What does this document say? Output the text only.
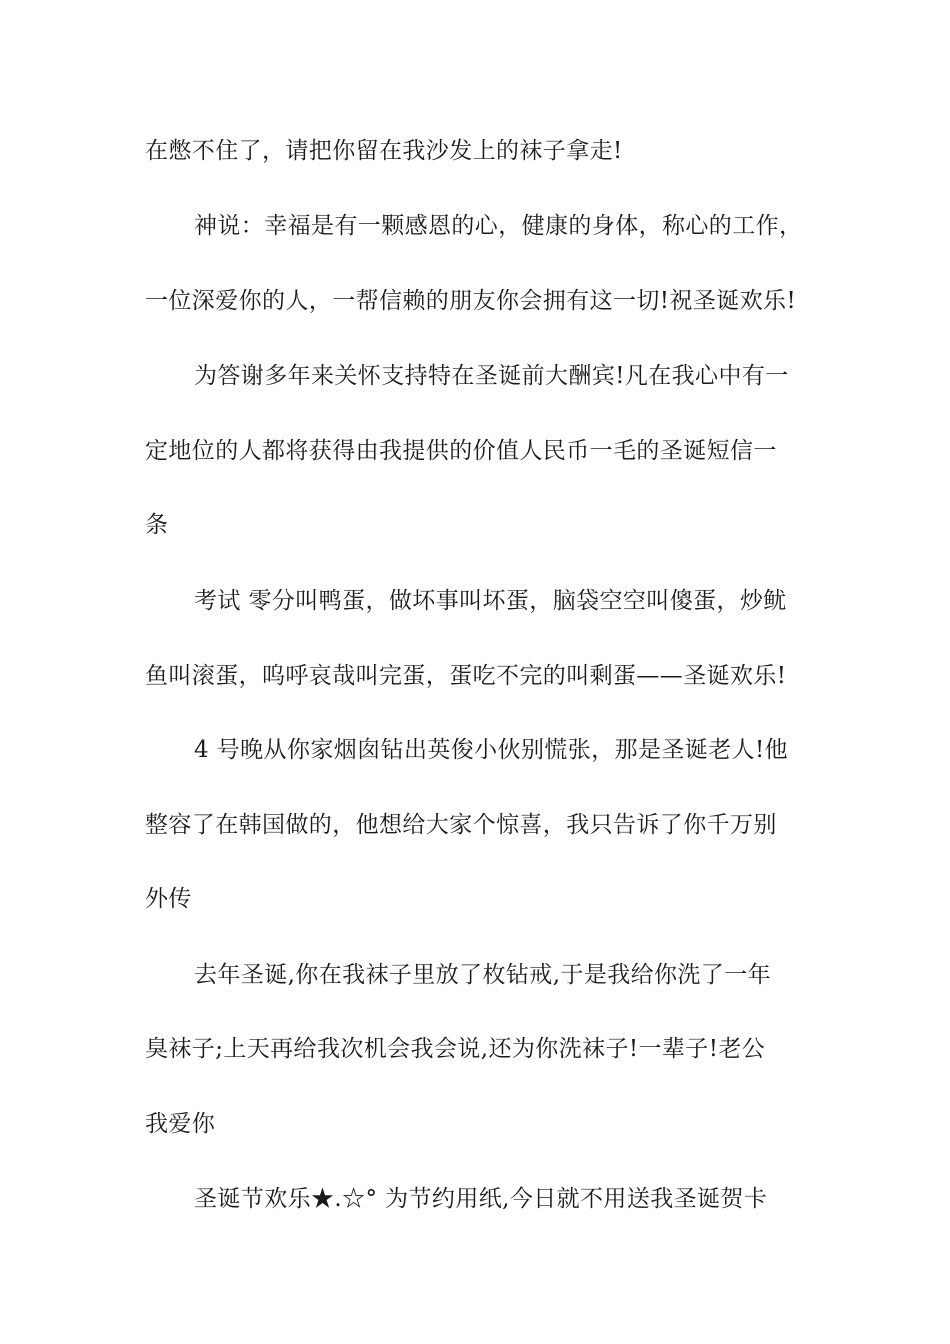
在憋不住了，请把你留在我沙发上的袜子拿走!

神说：幸福是有一颗感恩的心，健康的身体，称心的工作，

一位深爱你的人，一帮信赖的朋友你会拥有这一切!祝圣诞欢乐!

为答谢多年来关怀支持特在圣诞前大酬宾!凡在我心中有一

定地位的人都将获得由我提供的价值人民币一毛的圣诞短信一

条

考试 零分叫鸭蛋，做坏事叫坏蛋，脑袋空空叫傻蛋，炒鱿

鱼叫滚蛋，呜呼哀哉叫完蛋，蛋吃不完的叫剩蛋——圣诞欢乐!

4 号晚从你家烟囱钻出英俊小伙别慌张，那是圣诞老人!他

整容了在韩国做的，他想给大家个惊喜，我只告诉了你千万别

外传

去年圣诞,你在我袜子里放了枚钻戒,于是我给你洗了一年

臭袜子;上天再给我次机会我会说,还为你洗袜子!一辈子!老公

我爱你

圣诞节欢乐★.☆° 为节约用纸,今日就不用送我圣诞贺卡
